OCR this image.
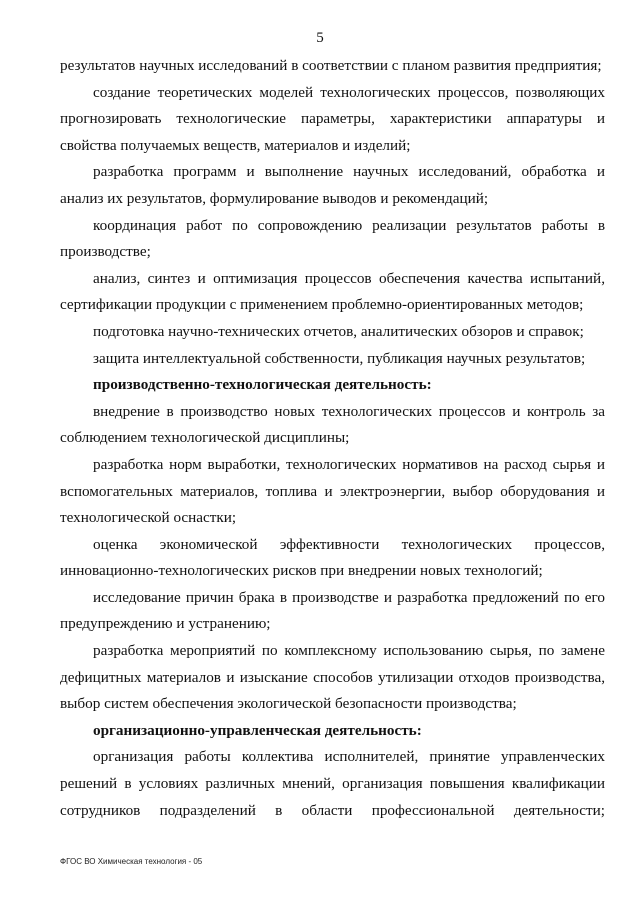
5

результатов научных исследований в соответствии с планом развития предприятия;

создание теоретических моделей технологических процессов, позволяющих прогнозировать технологические параметры, характеристики аппаратуры и свойства получаемых веществ, материалов и изделий;

разработка программ и выполнение научных исследований, обработка и анализ их результатов, формулирование выводов и рекомендаций;

координация работ по сопровождению реализации результатов работы в производстве;

анализ, синтез и оптимизация процессов обеспечения качества испытаний, сертификации продукции с применением проблемно-ориентированных методов;

подготовка научно-технических отчетов, аналитических обзоров и справок;

защита интеллектуальной собственности, публикация научных результатов;

производственно-технологическая деятельность:

внедрение в производство новых технологических процессов и контроль за соблюдением технологической дисциплины;

разработка норм выработки, технологических нормативов на расход сырья и вспомогательных материалов, топлива и электроэнергии, выбор оборудования и технологической оснастки;

оценка экономической эффективности технологических процессов, инновационно-технологических рисков при внедрении новых технологий;

исследование причин брака в производстве и разработка предложений по его предупреждению и устранению;

разработка мероприятий по комплексному использованию сырья, по замене дефицитных материалов и изыскание способов утилизации отходов производства, выбор систем обеспечения экологической безопасности производства;

организационно-управленческая деятельность:

организация работы коллектива исполнителей, принятие управленческих решений в условиях различных мнений, организация повышения квалификации сотрудников подразделений в области профессиональной деятельности;

ФГОС ВО Химическая технология - 05
